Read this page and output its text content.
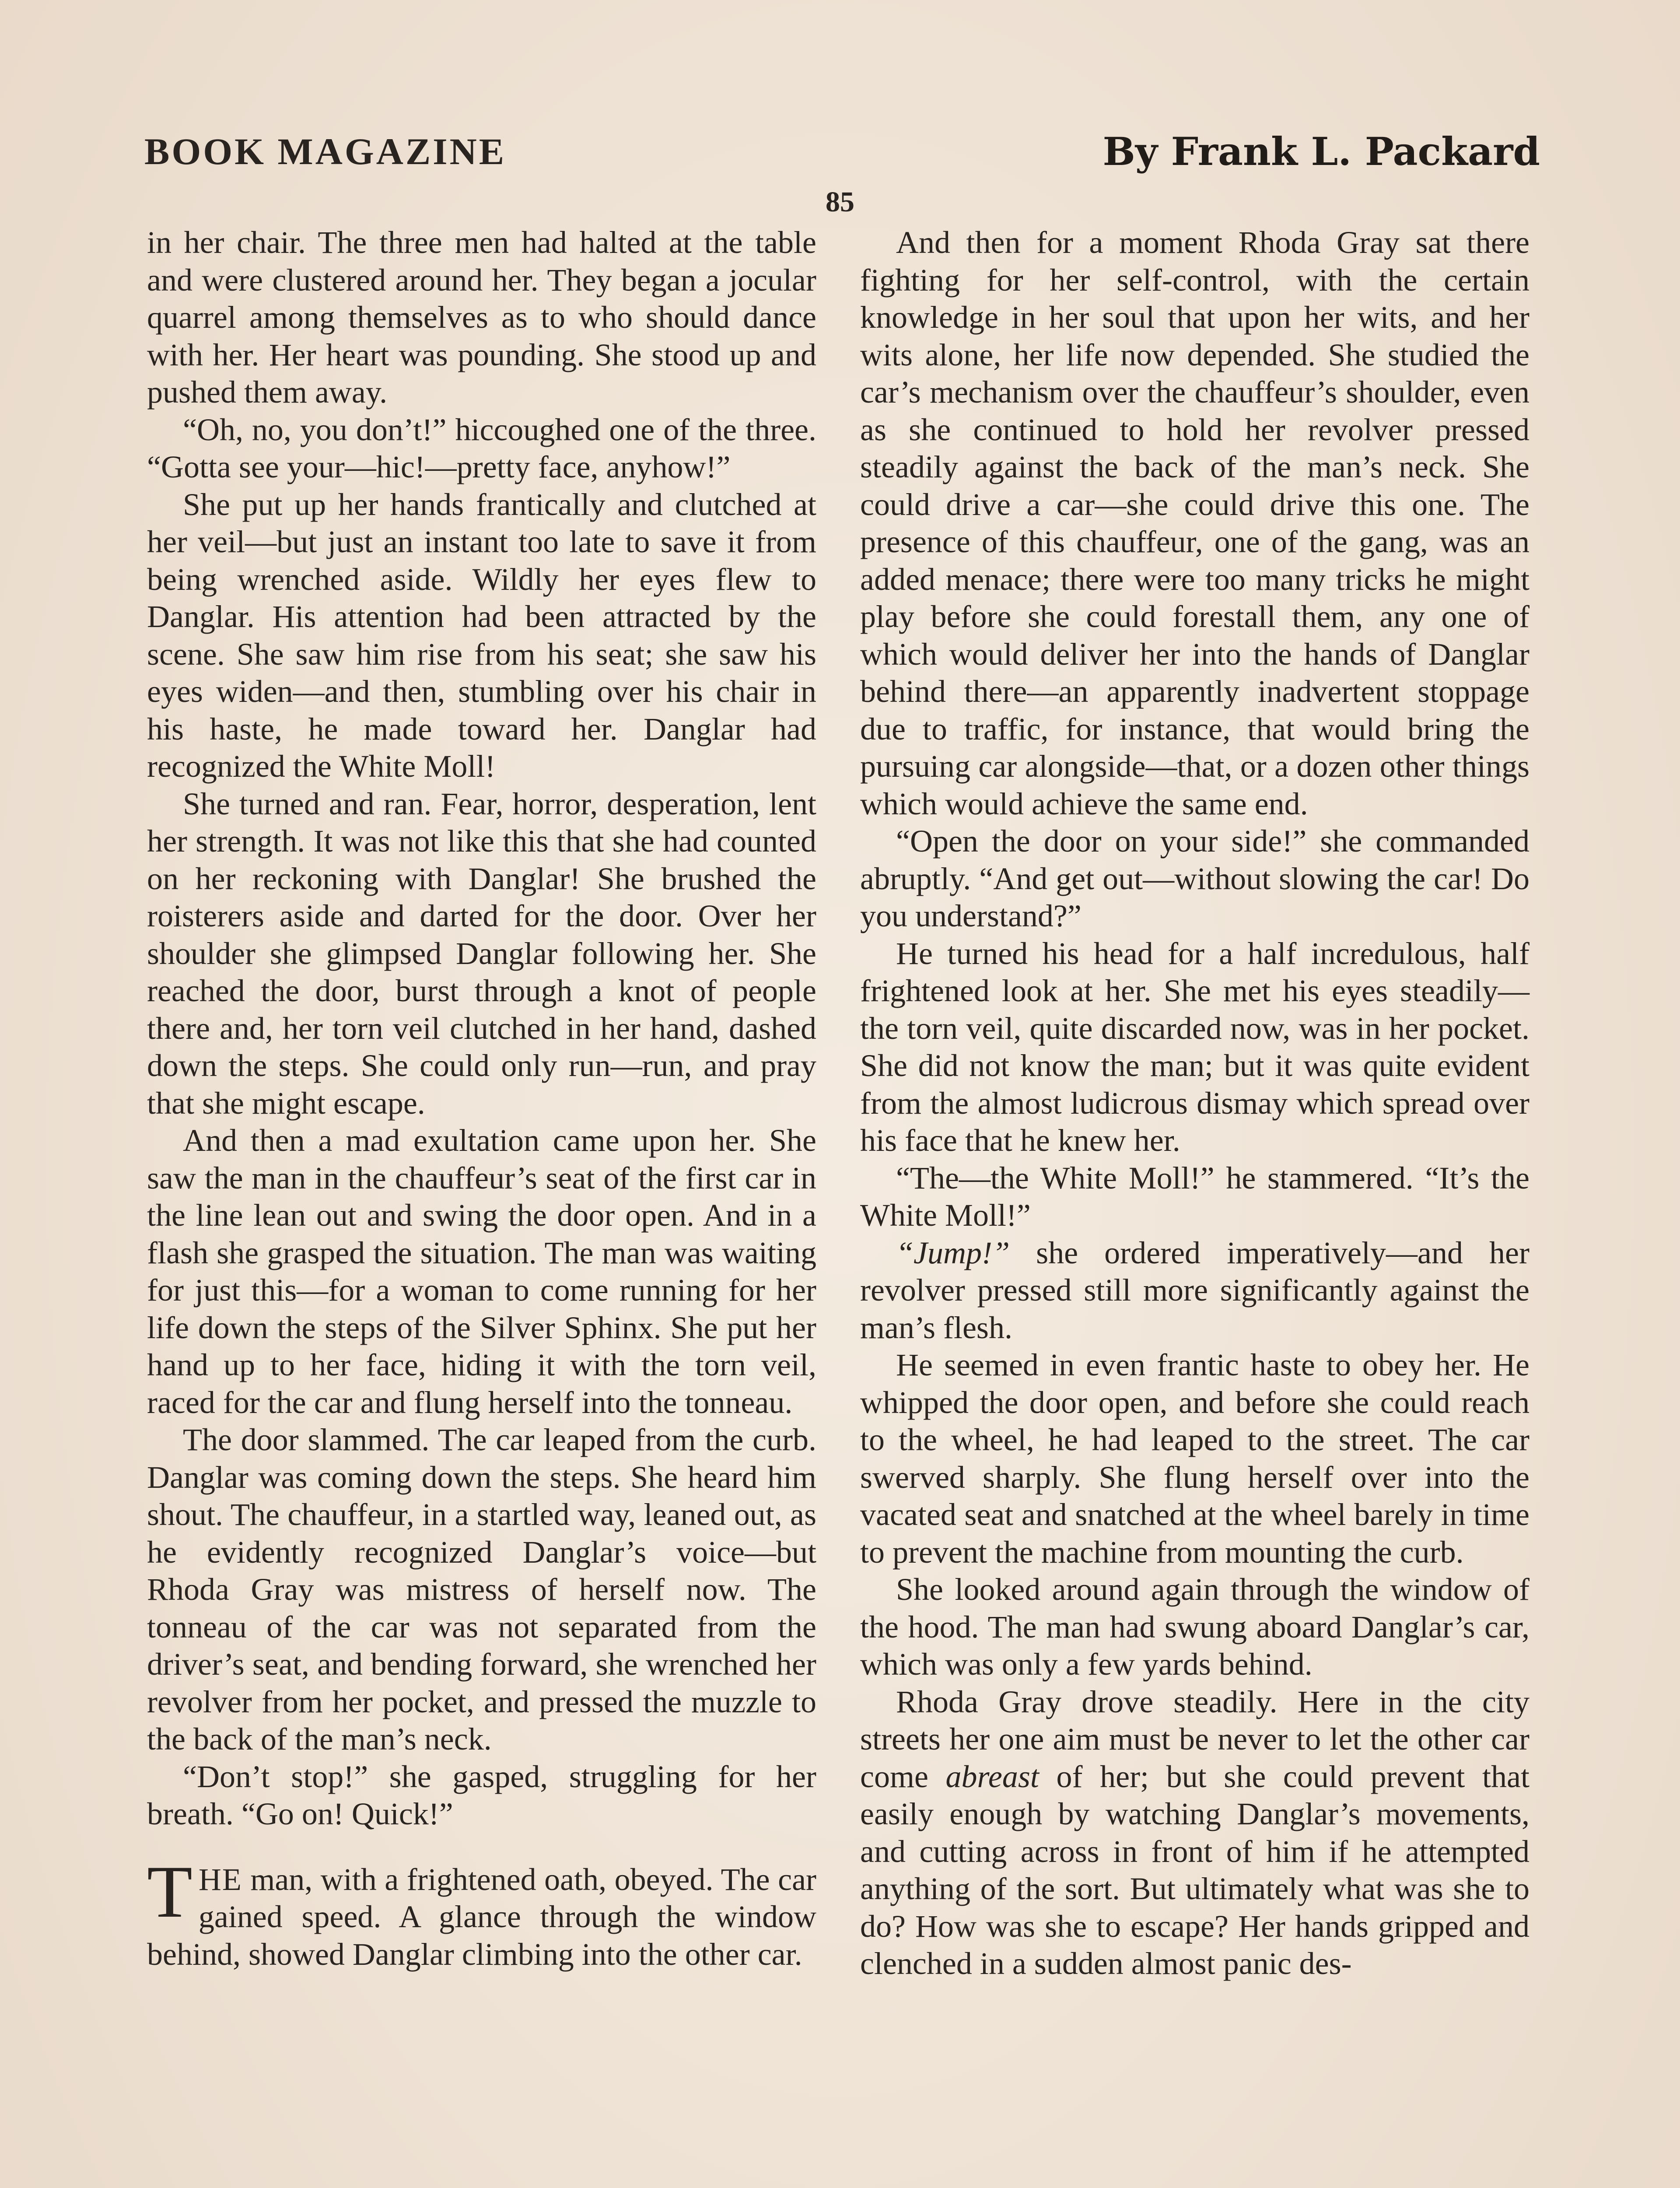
BOOK MAGAZINE	By Frank L. Packard
85

in her chair. The three men had halted at the table and were clustered around her. They began a jocular quarrel among themselves as to who should dance with her. Her heart was pounding. She stood up and pushed them away.

“Oh, no, you don’t!” hiccoughed one of the three. “Gotta see your—hic!—pretty face, anyhow!”

She put up her hands frantically and clutched at her veil—but just an instant too late to save it from being wrenched aside. Wildly her eyes flew to Danglar. His attention had been attracted by the scene. She saw him rise from his seat; she saw his eyes widen—and then, stumbling over his chair in his haste, he made toward her. Danglar had recognized the White Moll!

She turned and ran. Fear, horror, desperation, lent her strength. It was not like this that she had counted on her reckoning with Danglar! She brushed the roisterers aside and darted for the door. Over her shoulder she glimpsed Danglar following her. She reached the door, burst through a knot of people there and, her torn veil clutched in her hand, dashed down the steps. She could only run—run, and pray that she might escape.

And then a mad exultation came upon her. She saw the man in the chauffeur’s seat of the first car in the line lean out and swing the door open. And in a flash she grasped the situation. The man was waiting for just this—for a woman to come running for her life down the steps of the Silver Sphinx. She put her hand up to her face, hiding it with the torn veil, raced for the car and flung herself into the tonneau.

The door slammed. The car leaped from the curb. Danglar was coming down the steps. She heard him shout. The chauffeur, in a startled way, leaned out, as he evidently recognized Danglar’s voice—but Rhoda Gray was mistress of herself now. The tonneau of the car was not separated from the driver’s seat, and bending forward, she wrenched her revolver from her pocket, and pressed the muzzle to the back of the man’s neck.

“Don’t stop!” she gasped, struggling for her breath. “Go on! Quick!”

THE man, with a frightened oath, obeyed. The car gained speed. A glance through the window behind, showed Danglar climbing into the other car.

And then for a moment Rhoda Gray sat there fighting for her self-control, with the certain knowledge in her soul that upon her wits, and her wits alone, her life now depended. She studied the car’s mechanism over the chauffeur’s shoulder, even as she continued to hold her revolver pressed steadily against the back of the man’s neck. She could drive a car—she could drive this one. The presence of this chauffeur, one of the gang, was an added menace; there were too many tricks he might play before she could forestall them, any one of which would deliver her into the hands of Danglar behind there—an apparently inadvertent stoppage due to traffic, for instance, that would bring the pursuing car alongside—that, or a dozen other things which would achieve the same end.

“Open the door on your side!” she commanded abruptly. “And get out—without slowing the car! Do you understand?”

He turned his head for a half incredulous, half frightened look at her. She met his eyes steadily—the torn veil, quite discarded now, was in her pocket. She did not know the man; but it was quite evident from the almost ludicrous dismay which spread over his face that he knew her.

“The—the White Moll!” he stammered. “It’s the White Moll!”

“Jump!” she ordered imperatively—and her revolver pressed still more significantly against the man’s flesh.

He seemed in even frantic haste to obey her. He whipped the door open, and before she could reach to the wheel, he had leaped to the street. The car swerved sharply. She flung herself over into the vacated seat and snatched at the wheel barely in time to prevent the machine from mounting the curb.

She looked around again through the window of the hood. The man had swung aboard Danglar’s car, which was only a few yards behind.

Rhoda Gray drove steadily. Here in the city streets her one aim must be never to let the other car come abreast of her; but she could prevent that easily enough by watching Danglar’s movements, and cutting across in front of him if he attempted anything of the sort. But ultimately what was she to do? How was she to escape? Her hands gripped and clenched in a sudden almost panic des-
